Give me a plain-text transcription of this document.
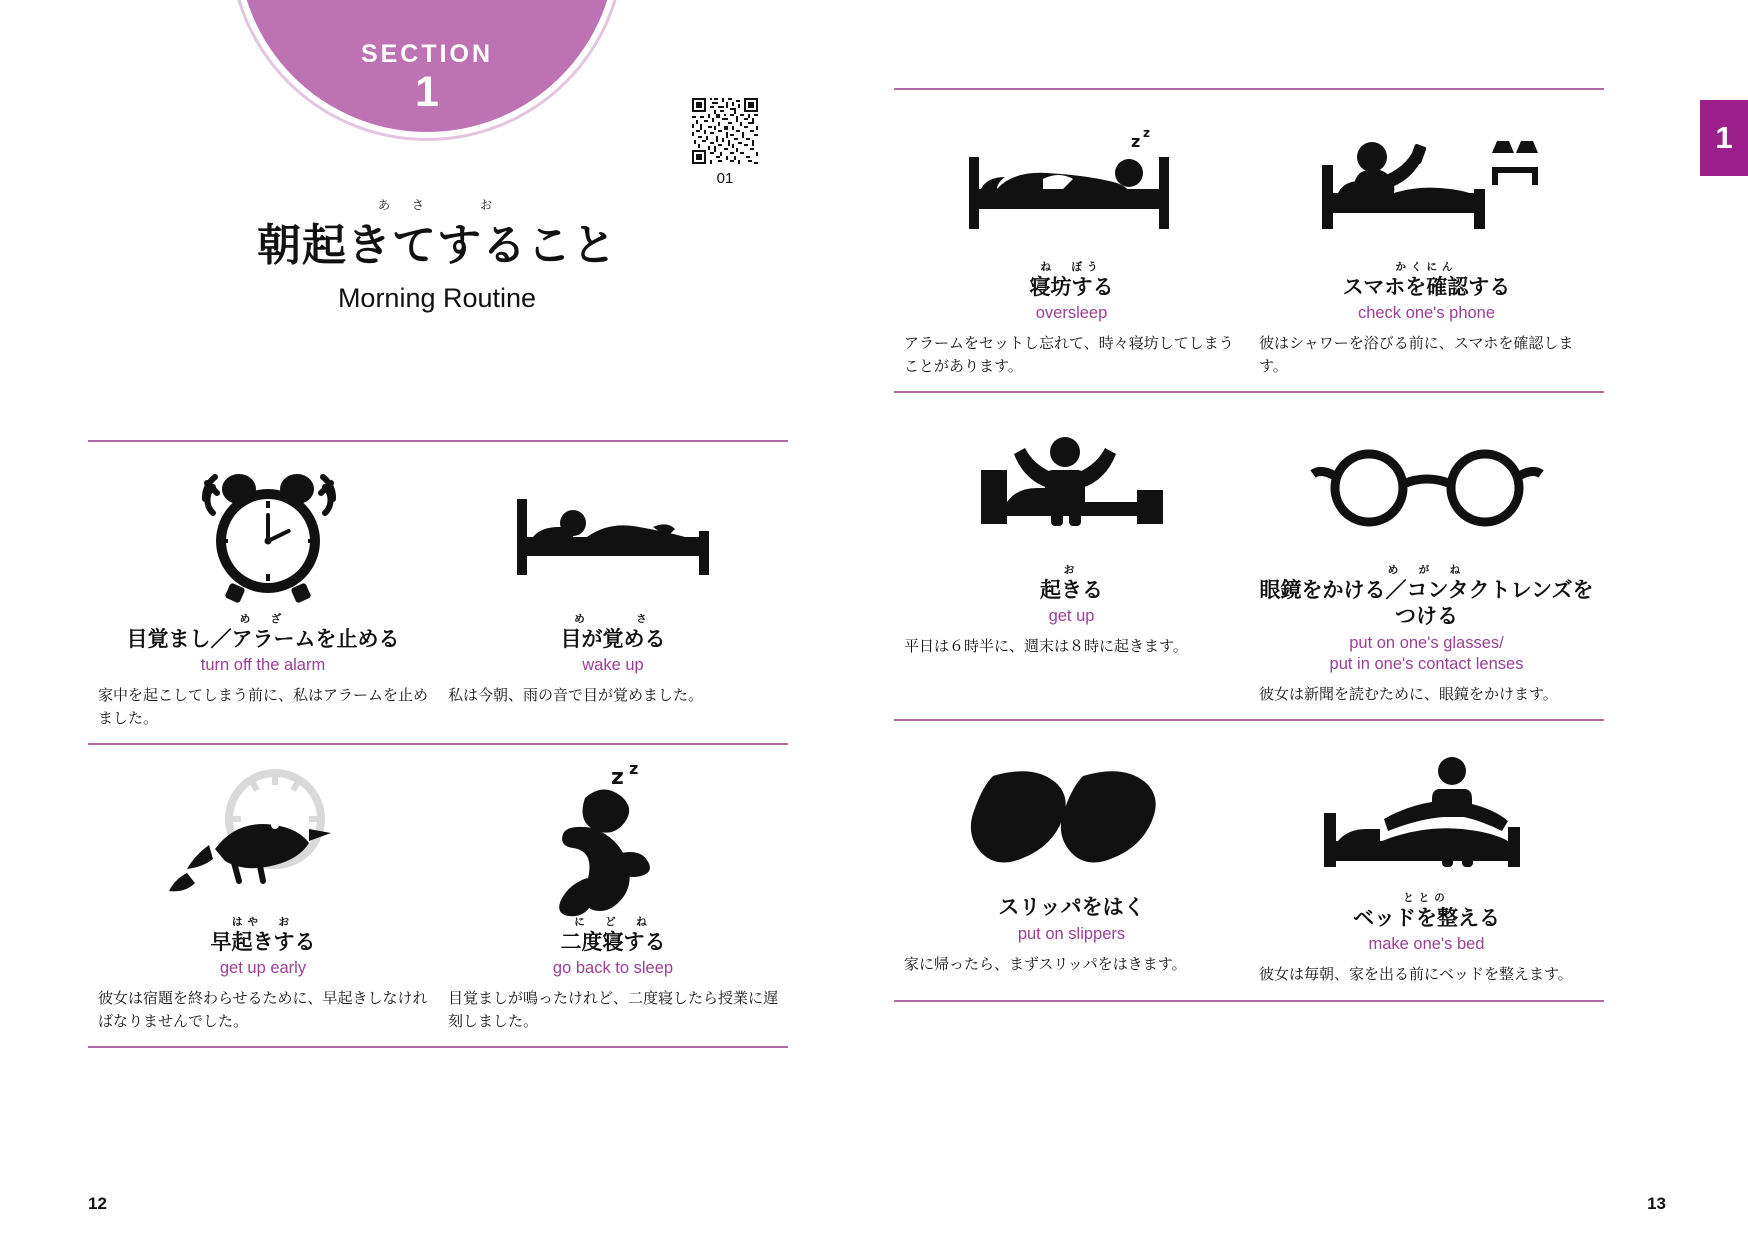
SECTION
1
01
あさ　お
朝起きてすること
Morning Routine
め　ざ
目覚まし／アラームを止める
turn off the alarm
家中を起こしてしまう前に、私はアラームを止めました。
め　　　さ
目が覚める
wake up
私は今朝、雨の音で目が覚めました。
はや　お
早起きする
get up early
彼女は宿題を終わらせるために、早起きしなければなりませんでした。
z z
に　ど　ね
二度寝する
go back to sleep
目覚ましが鳴ったけれど、二度寝したら授業に遅刻しました。
12
1
z z
ね　ぼう
寝坊する
oversleep
アラームをセットし忘れて、時々寝坊してしまうことがあります。
かくにん
スマホを確認する
check one's phone
彼はシャワーを浴びる前に、スマホを確認します。
お
起きる
get up
平日は６時半に、週末は８時に起きます。
め　が　ね
眼鏡をかける／コンタクトレンズをつける
put on one's glasses/
put in one's contact lenses
彼女は新聞を読むために、眼鏡をかけます。
スリッパをはく
put on slippers
家に帰ったら、まずスリッパをはきます。
ととの
ベッドを整える
make one's bed
彼女は毎朝、家を出る前にベッドを整えます。
13
